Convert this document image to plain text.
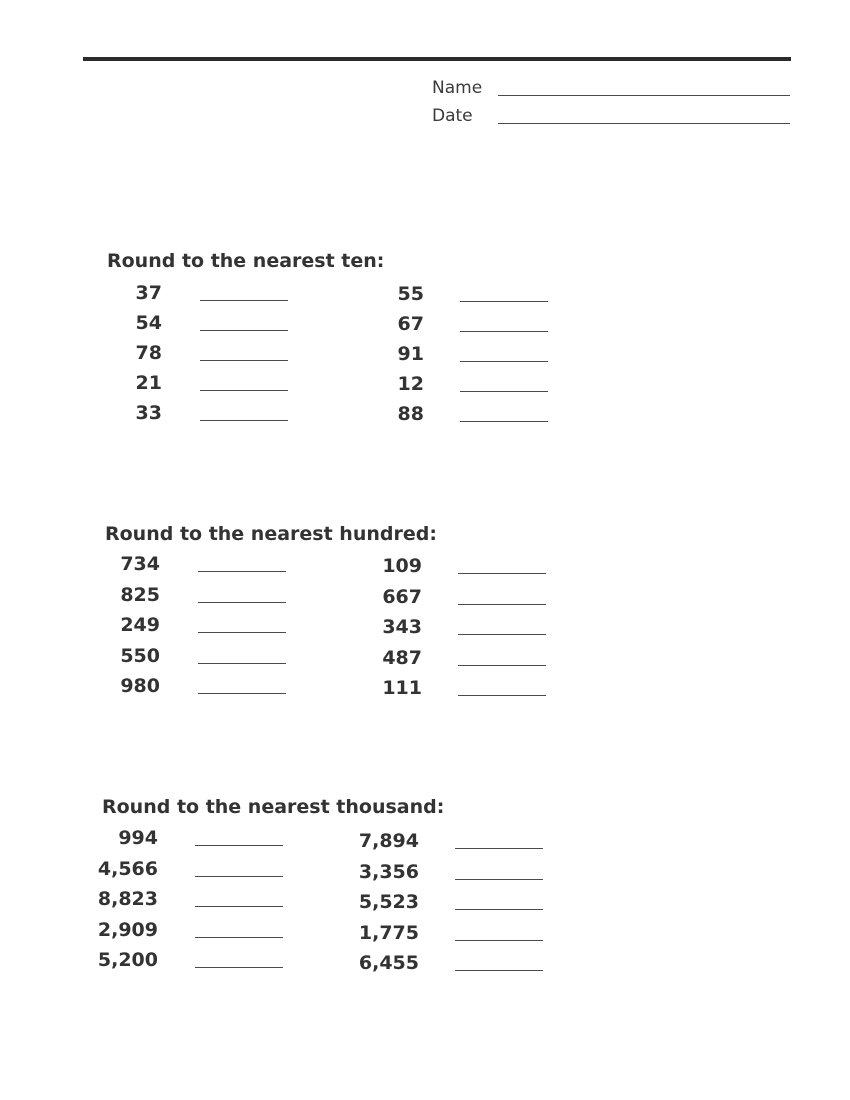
Name
Date
Round to the nearest ten:
37
54
78
21
33
55
67
91
12
88
Round to the nearest hundred:
734
825
249
550
980
109
667
343
487
111
Round to the nearest thousand:
994
4,566
8,823
2,909
5,200
7,894
3,356
5,523
1,775
6,455
